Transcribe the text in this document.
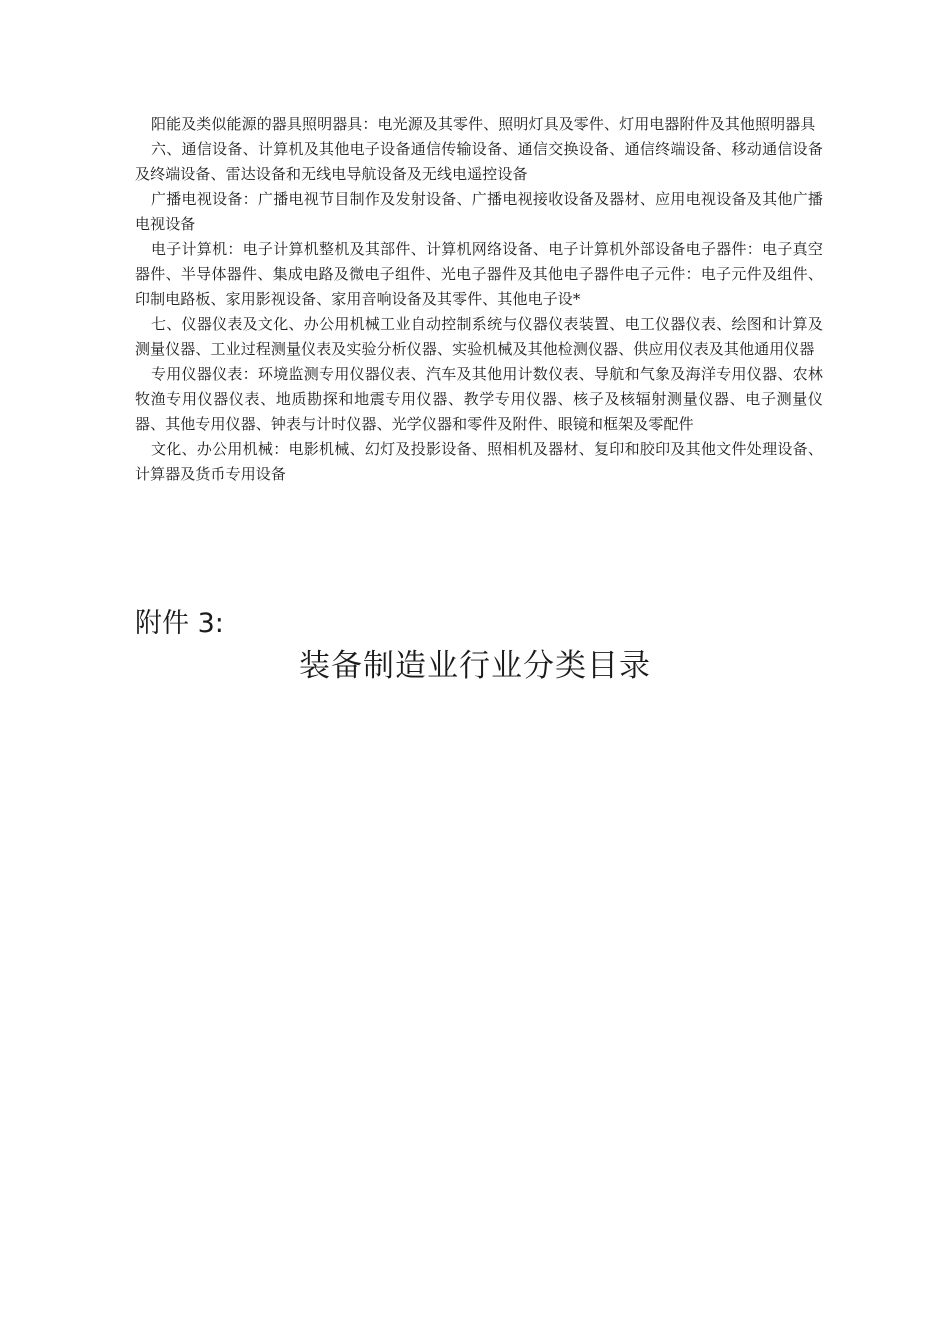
阳能及类似能源的器具照明器具：电光源及其零件、照明灯具及零件、灯用电器附件及其他照明器具

六、通信设备、计算机及其他电子设备通信传输设备、通信交换设备、通信终端设备、移动通信设备及终端设备、雷达设备和无线电导航设备及无线电遥控设备

广播电视设备：广播电视节目制作及发射设备、广播电视接收设备及器材、应用电视设备及其他广播电视设备

电子计算机：电子计算机整机及其部件、计算机网络设备、电子计算机外部设备电子器件：电子真空器件、半导体器件、集成电路及微电子组件、光电子器件及其他电子器件电子元件：电子元件及组件、印制电路板、家用影视设备、家用音响设备及其零件、其他电子设*

七、仪器仪表及文化、办公用机械工业自动控制系统与仪器仪表装置、电工仪器仪表、绘图和计算及测量仪器、工业过程测量仪表及实验分析仪器、实验机械及其他检测仪器、供应用仪表及其他通用仪器

专用仪器仪表：环境监测专用仪器仪表、汽车及其他用计数仪表、导航和气象及海洋专用仪器、农林牧渔专用仪器仪表、地质勘探和地震专用仪器、教学专用仪器、核子及核辐射测量仪器、电子测量仪器、其他专用仪器、钟表与计时仪器、光学仪器和零件及附件、眼镜和框架及零配件

文化、办公用机械：电影机械、幻灯及投影设备、照相机及器材、复印和胶印及其他文件处理设备、计算器及货币专用设备

附件 3:
装备制造业行业分类目录
